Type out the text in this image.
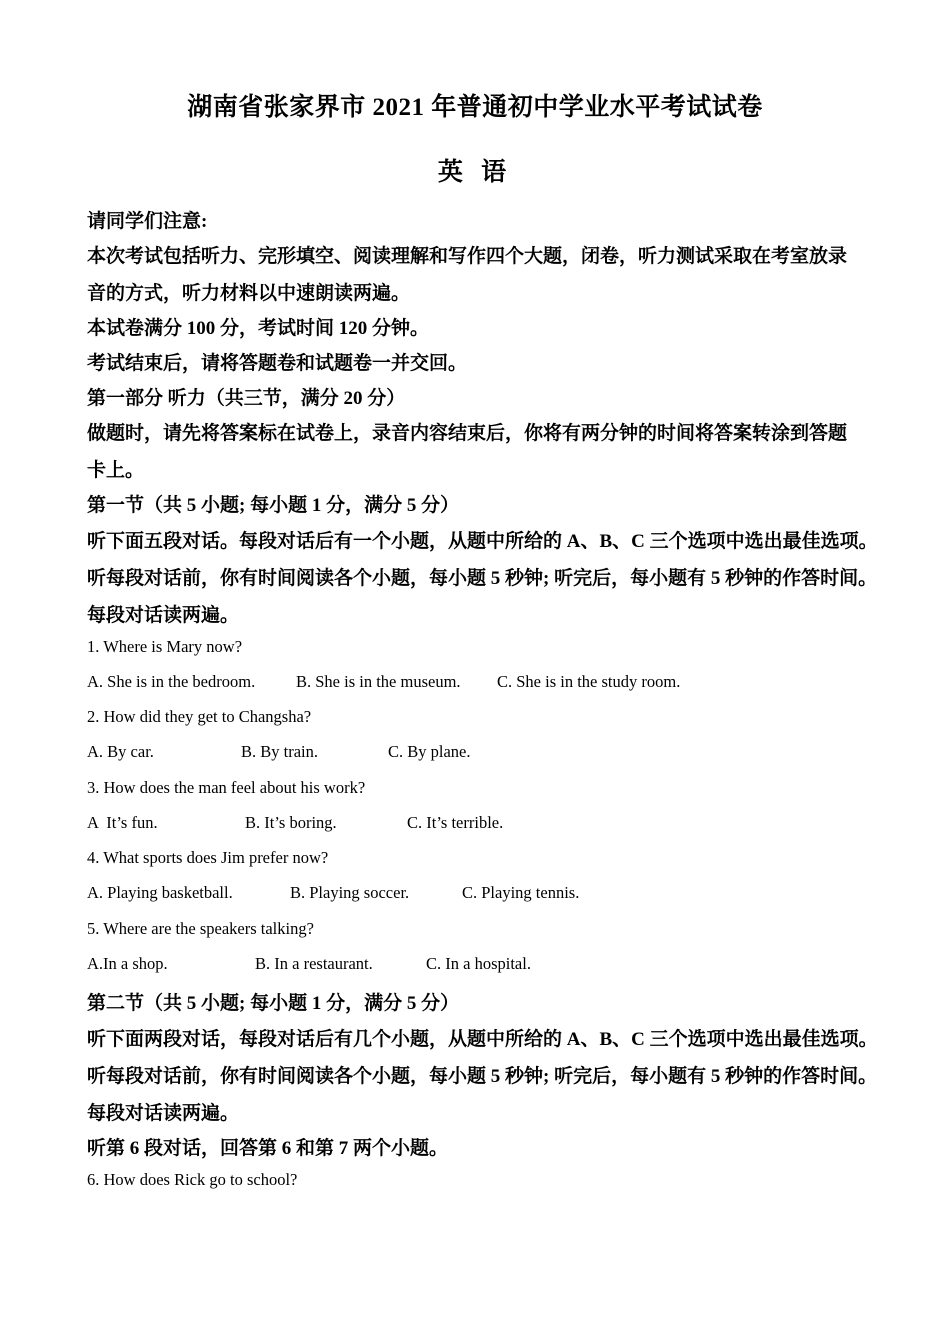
湖南省张家界市 2021 年普通初中学业水平考试试卷
英 语
请同学们注意:
本次考试包括听力、完形填空、阅读理解和写作四个大题，闭卷，听力测试采取在考室放录
音的方式，听力材料以中速朗读两遍。
本试卷满分 100 分，考试时间 120 分钟。
考试结束后，请将答题卷和试题卷一并交回。
第一部分 听力（共三节，满分 20 分）
做题时，请先将答案标在试卷上，录音内容结束后，你将有两分钟的时间将答案转涂到答题
卡上。
第一节（共 5 小题; 每小题 1 分，满分 5 分）
听下面五段对话。每段对话后有一个小题，从题中所给的 A、B、C 三个选项中选出最佳选项。
听每段对话前，你有时间阅读各个小题，每小题 5 秒钟; 听完后，每小题有 5 秒钟的作答时间。
每段对话读两遍。
1. Where is Mary now?
A. She is in the bedroom. B. She is in the museum. C. She is in the study room.
2. How did they get to Changsha?
A. By car.	B. By train.	C. By plane.
3. How does the man feel about his work?
A  It’s fun.	B. It’s boring.	C. It’s terrible.
4. What sports does Jim prefer now?
A. Playing basketball.	B. Playing soccer.	C. Playing tennis.
5. Where are the speakers talking?
A.In a shop.	B. In a restaurant.	C. In a hospital.
第二节（共 5 小题; 每小题 1 分，满分 5 分）
听下面两段对话，每段对话后有几个小题，从题中所给的 A、B、C 三个选项中选出最佳选项。
听每段对话前，你有时间阅读各个小题，每小题 5 秒钟; 听完后，每小题有 5 秒钟的作答时间。
每段对话读两遍。
听第 6 段对话，回答第 6 和第 7 两个小题。
6. How does Rick go to school?
